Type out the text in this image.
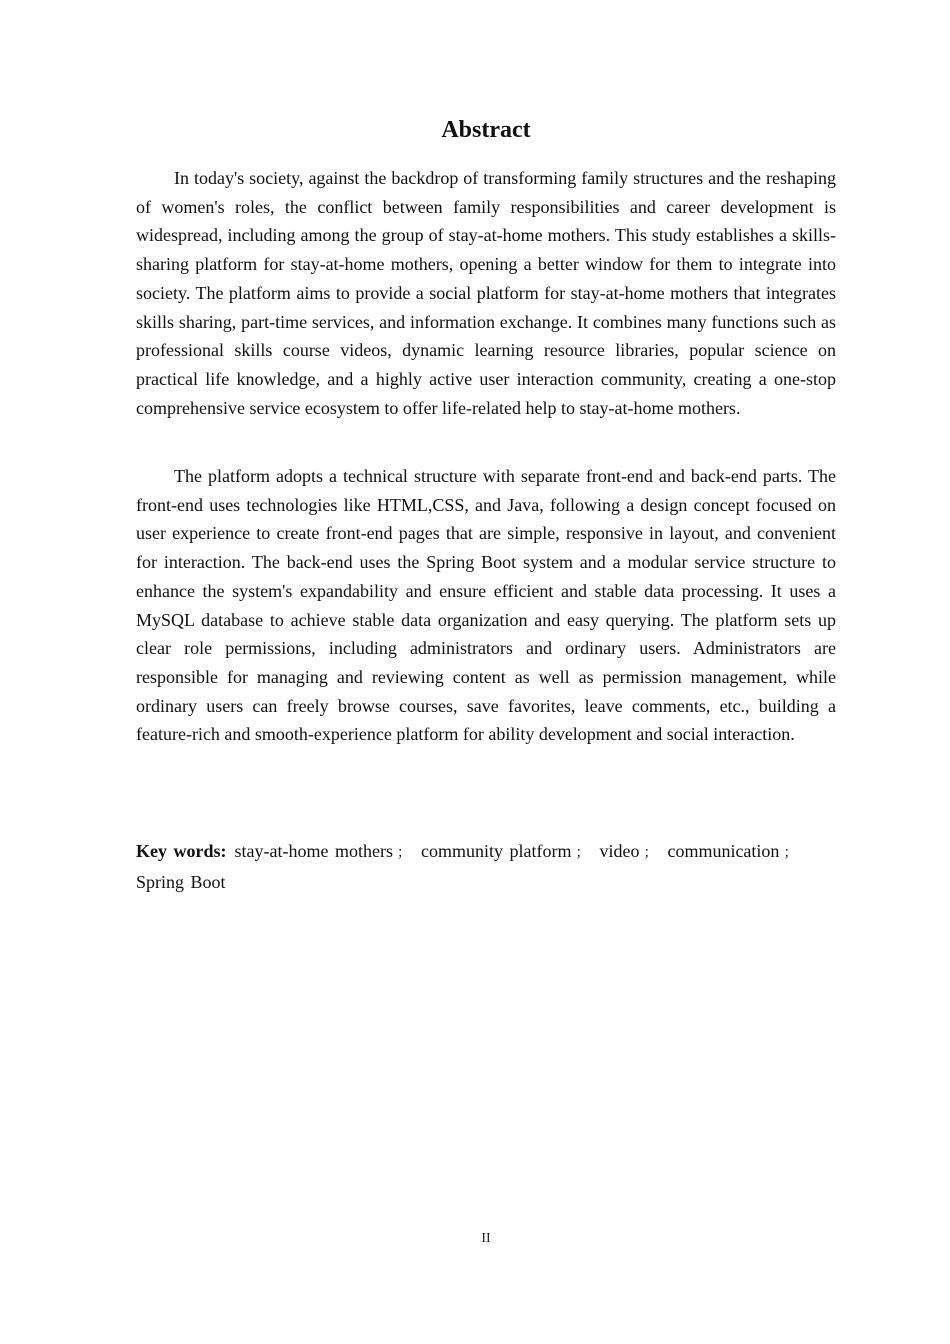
Abstract

In today's society, against the backdrop of transforming family structures and the reshaping of women's roles, the conflict between family responsibilities and career development is widespread, including among the group of stay-at-home mothers. This study establishes a skills-sharing platform for stay-at-home mothers, opening a better window for them to integrate into society. The platform aims to provide a social platform for stay-at-home mothers that integrates skills sharing, part-time services, and information exchange. It combines many functions such as professional skills course videos, dynamic learning resource libraries, popular science on practical life knowledge, and a highly active user interaction community, creating a one-stop comprehensive service ecosystem to offer life-related help to stay-at-home mothers.

The platform adopts a technical structure with separate front-end and back-end parts. The front-end uses technologies like HTML,CSS, and Java, following a design concept focused on user experience to create front-end pages that are simple, responsive in layout, and convenient for interaction. The back-end uses the Spring Boot system and a modular service structure to enhance the system's expandability and ensure efficient and stable data processing. It uses a MySQL database to achieve stable data organization and easy querying. The platform sets up clear role permissions, including administrators and ordinary users. Administrators are responsible for managing and reviewing content as well as permission management, while ordinary users can freely browse courses, save favorites, leave comments, etc., building a feature-rich and smooth-experience platform for ability development and social interaction.

Key words: stay-at-home mothers ； community platform ； video ； communication ；Spring Boot

II
